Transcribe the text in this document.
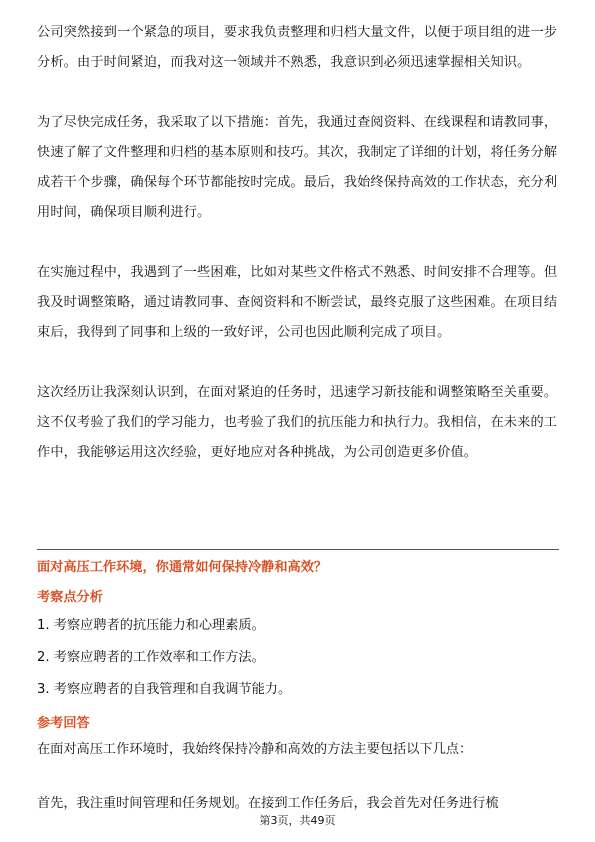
公司突然接到一个紧急的项目，要求我负责整理和归档大量文件，以便于项目组的进一步分析。由于时间紧迫，而我对这一领域并不熟悉，我意识到必须迅速掌握相关知识。

为了尽快完成任务，我采取了以下措施：首先，我通过查阅资料、在线课程和请教同事，快速了解了文件整理和归档的基本原则和技巧。其次，我制定了详细的计划，将任务分解成若干个步骤，确保每个环节都能按时完成。最后，我始终保持高效的工作状态，充分利用时间，确保项目顺利进行。

在实施过程中，我遇到了一些困难，比如对某些文件格式不熟悉、时间安排不合理等。但我及时调整策略，通过请教同事、查阅资料和不断尝试，最终克服了这些困难。在项目结束后，我得到了同事和上级的一致好评，公司也因此顺利完成了项目。

这次经历让我深刻认识到，在面对紧迫的任务时，迅速学习新技能和调整策略至关重要。这不仅考验了我们的学习能力，也考验了我们的抗压能力和执行力。我相信，在未来的工作中，我能够运用这次经验，更好地应对各种挑战，为公司创造更多价值。

面对高压工作环境，你通常如何保持冷静和高效？

考察点分析

1. 考察应聘者的抗压能力和心理素质。

2. 考察应聘者的工作效率和工作方法。

3. 考察应聘者的自我管理和自我调节能力。

参考回答

在面对高压工作环境时，我始终保持冷静和高效的方法主要包括以下几点：

首先，我注重时间管理和任务规划。在接到工作任务后，我会首先对任务进行梳

第3页，共49页
